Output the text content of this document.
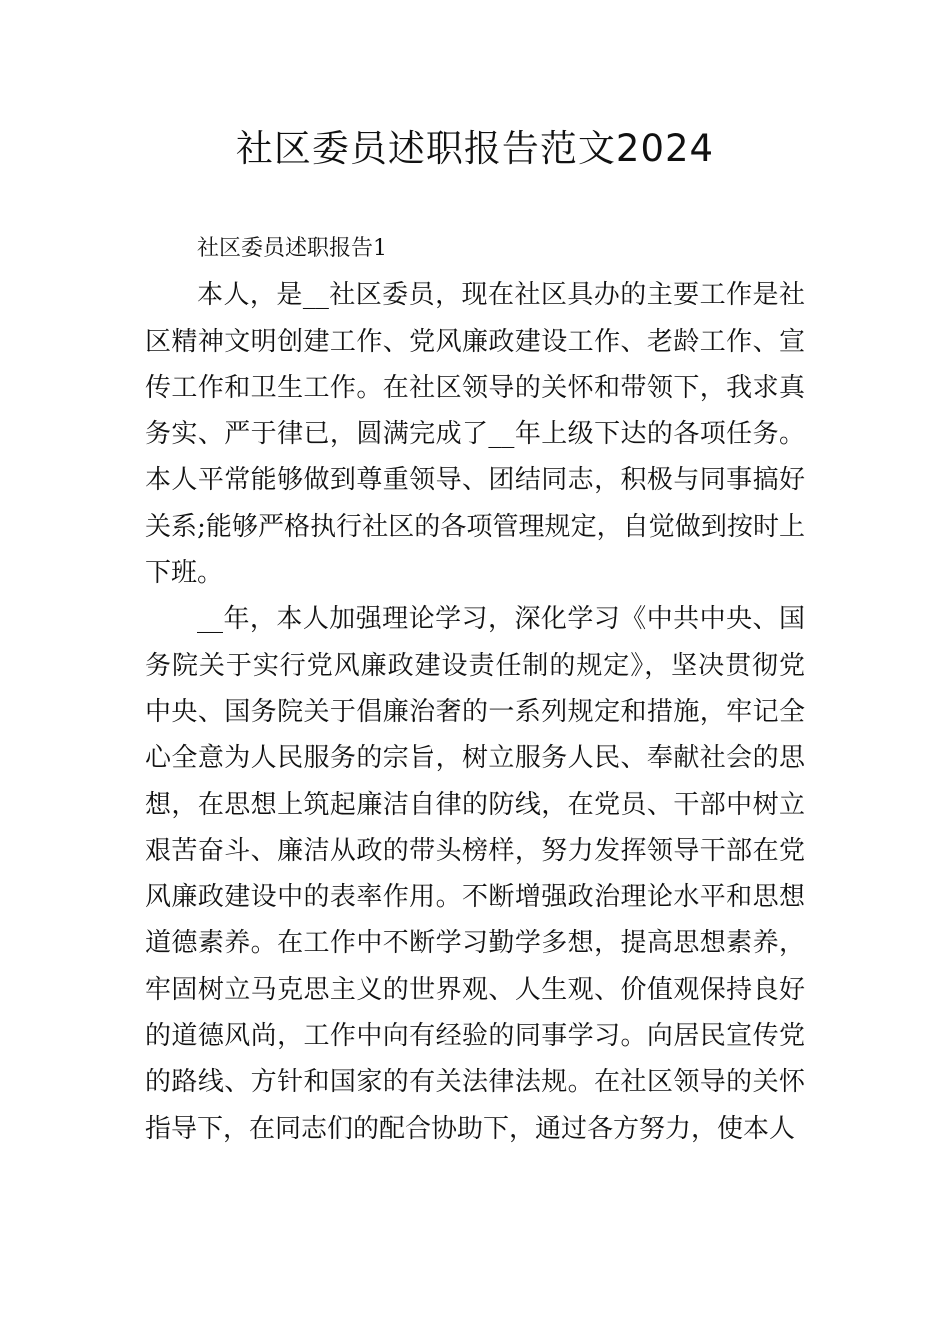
社区委员述职报告范文2024

社区委员述职报告1

本人，是__社区委员，现在社区具办的主要工作是社区精神文明创建工作、党风廉政建设工作、老龄工作、宣传工作和卫生工作。在社区领导的关怀和带领下，我求真务实、严于律已，圆满完成了__年上级下达的各项任务。本人平常能够做到尊重领导、团结同志，积极与同事搞好关系;能够严格执行社区的各项管理规定，自觉做到按时上下班。

__年，本人加强理论学习，深化学习《中共中央、国务院关于实行党风廉政建设责任制的规定》，坚决贯彻党中央、国务院关于倡廉治奢的一系列规定和措施，牢记全心全意为人民服务的宗旨，树立服务人民、奉献社会的思想，在思想上筑起廉洁自律的防线，在党员、干部中树立艰苦奋斗、廉洁从政的带头榜样，努力发挥领导干部在党风廉政建设中的表率作用。不断增强政治理论水平和思想道德素养。在工作中不断学习勤学多想，提高思想素养，牢固树立马克思主义的世界观、人生观、价值观保持良好的道德风尚，工作中向有经验的同事学习。向居民宣传党的路线、方针和国家的有关法律法规。在社区领导的关怀指导下，在同志们的配合协助下，通过各方努力，使本人
